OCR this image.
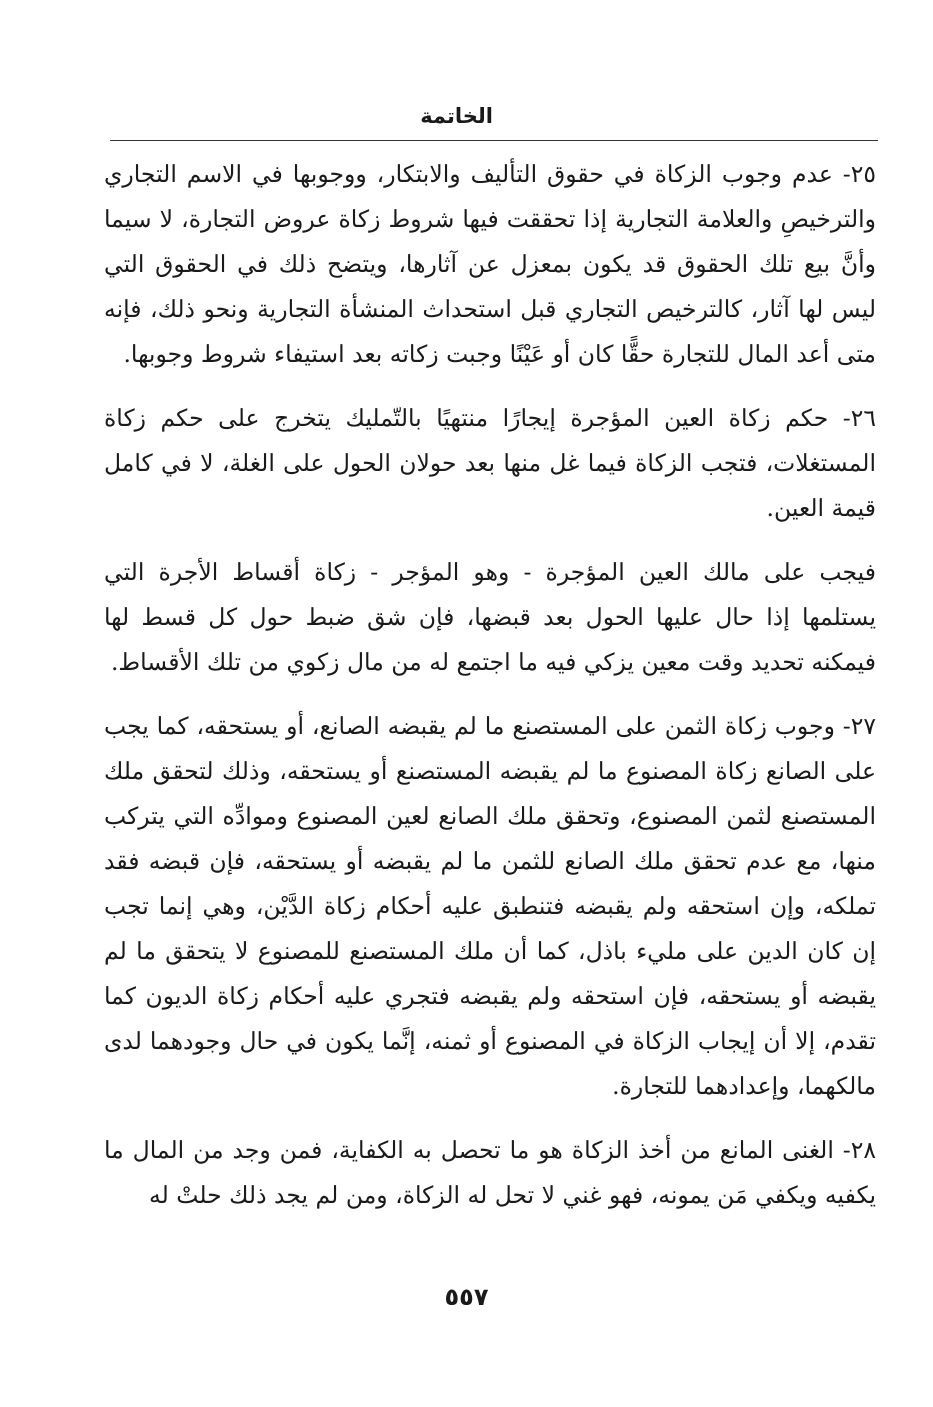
الخاتمة

٢٥- عدم وجوب الزكاة في حقوق التأليف والابتكار، ووجوبها في الاسم التجاري والترخيصِ والعلامة التجارية إذا تحققت فيها شروط زكاة عروض التجارة، لا سيما وأنَّ بيع تلك الحقوق قد يكون بمعزل عن آثارها، ويتضح ذلك في الحقوق التي ليس لها آثار، كالترخيص التجاري قبل استحداث المنشأة التجارية ونحو ذلك، فإنه متى أعد المال للتجارة حقًّا كان أو عَيْنًا وجبت زكاته بعد استيفاء شروط وجوبها.

٢٦- حكم زكاة العين المؤجرة إيجارًا منتهيًا بالتّمليك يتخرج على حكم زكاة المستغلات، فتجب الزكاة فيما غل منها بعد حولان الحول على الغلة، لا في كامل قيمة العين.

فيجب على مالك العين المؤجرة - وهو المؤجر - زكاة أقساط الأجرة التي يستلمها إذا حال عليها الحول بعد قبضها، فإن شق ضبط حول كل قسط لها فيمكنه تحديد وقت معين يزكي فيه ما اجتمع له من مال زكوي من تلك الأقساط.

٢٧- وجوب زكاة الثمن على المستصنع ما لم يقبضه الصانع، أو يستحقه، كما يجب على الصانع زكاة المصنوع ما لم يقبضه المستصنع أو يستحقه، وذلك لتحقق ملك المستصنع لثمن المصنوع، وتحقق ملك الصانع لعين المصنوع وموادِّه التي يتركب منها، مع عدم تحقق ملك الصانع للثمن ما لم يقبضه أو يستحقه، فإن قبضه فقد تملكه، وإن استحقه ولم يقبضه فتنطبق عليه أحكام زكاة الدَّيْن، وهي إنما تجب إن كان الدين على مليء باذل، كما أن ملك المستصنع للمصنوع لا يتحقق ما لم يقبضه أو يستحقه، فإن استحقه ولم يقبضه فتجري عليه أحكام زكاة الديون كما تقدم، إلا أن إيجاب الزكاة في المصنوع أو ثمنه، إنَّما يكون في حال وجودهما لدى مالكهما، وإعدادهما للتجارة.

٢٨- الغنى المانع من أخذ الزكاة هو ما تحصل به الكفاية، فمن وجد من المال ما يكفيه ويكفي مَن يمونه، فهو غني لا تحل له الزكاة، ومن لم يجد ذلك حلتْ له

٥٥٧
